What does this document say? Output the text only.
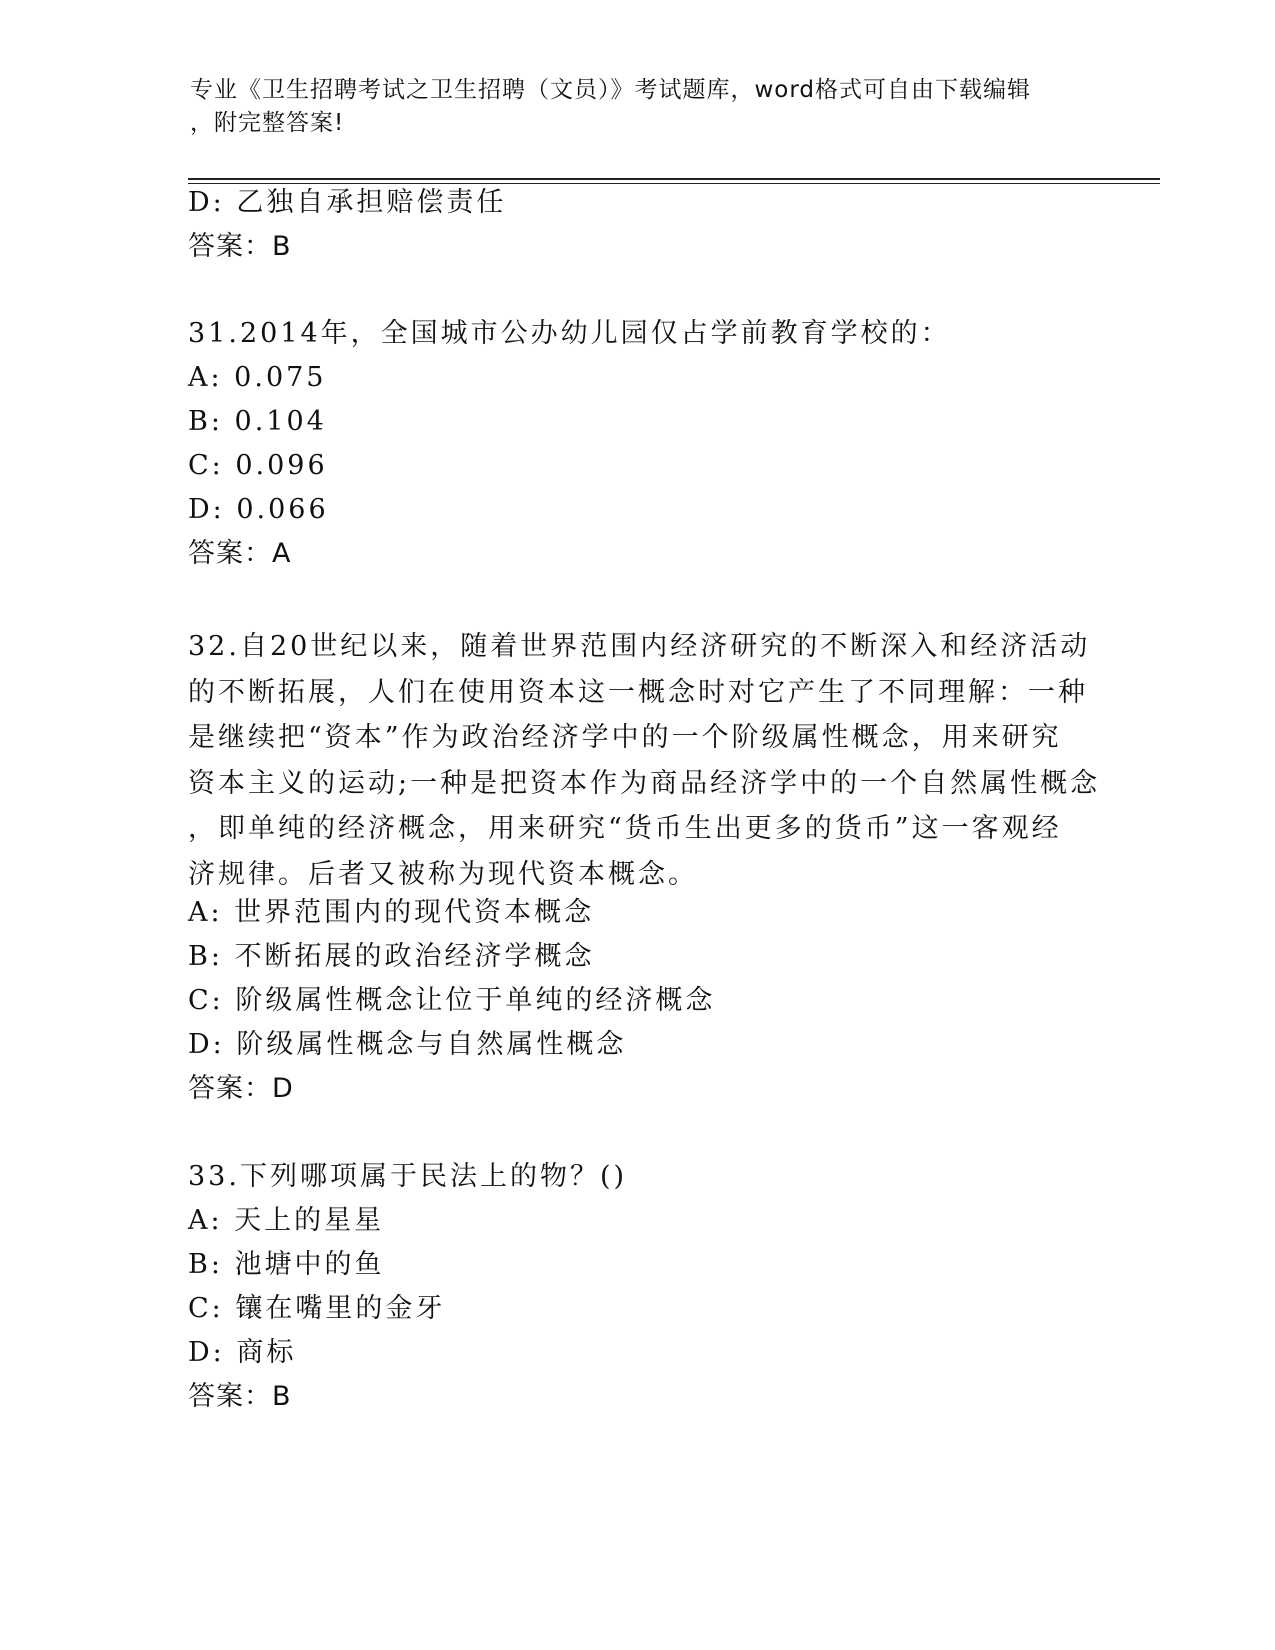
专业《卫生招聘考试之卫生招聘（文员）》考试题库，word格式可自由下载编辑
，附完整答案!
D: 乙独自承担赔偿责任
答案：B
31.2014年，全国城市公办幼儿园仅占学前教育学校的：
A: 0.075
B: 0.104
C: 0.096
D: 0.066
答案：A
32.自20世纪以来，随着世界范围内经济研究的不断深入和经济活动
的不断拓展，人们在使用资本这一概念时对它产生了不同理解：一种
是继续把“资本”作为政治经济学中的一个阶级属性概念，用来研究
资本主义的运动;一种是把资本作为商品经济学中的一个自然属性概念
，即单纯的经济概念，用来研究“货币生出更多的货币”这一客观经
济规律。后者又被称为现代资本概念。
A: 世界范围内的现代资本概念
B: 不断拓展的政治经济学概念
C: 阶级属性概念让位于单纯的经济概念
D: 阶级属性概念与自然属性概念
答案：D
33.下列哪项属于民法上的物？()
A: 天上的星星
B: 池塘中的鱼
C: 镶在嘴里的金牙
D: 商标
答案：B
